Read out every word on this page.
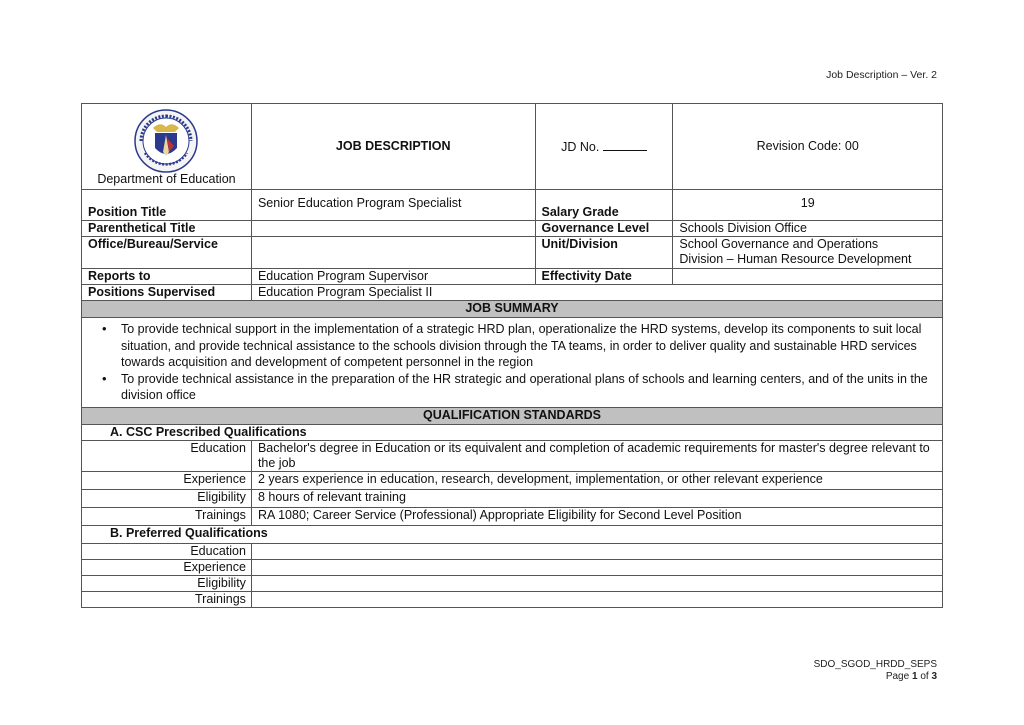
Job Description – Ver. 2
Department of Education	JOB DESCRIPTION	JD No.	Revision Code: 00
Position Title	Senior Education Program Specialist	Salary Grade	19
Parenthetical Title		Governance Level	Schools Division Office
Office/Bureau/Service		Unit/Division	School Governance and Operations
Division – Human Resource Development

Reports to	Education Program Supervisor	Effectivity Date	
Positions Supervised	Education Program Specialist II		
JOB SUMMARY			

• To provide technical support in the implementation of a strategic HRD plan, operationalize the HRD systems, develop its components to suit local situation, and provide technical assistance to the schools division through the TA teams, in order to deliver quality and sustainable HRD services towards acquisition and development of competent personnel in the region
• To provide technical assistance in the preparation of the HR strategic and operational plans of schools and learning centers, and of the units in the division office

QUALIFICATION STANDARDS			
A. CSC Prescribed Qualifications			
Education	Bachelor's degree in Education or its equivalent and completion of academic requirements for master's degree relevant to the job		
Experience	2 years experience in education, research, development, implementation, or other relevant experience		
Eligibility	8 hours of relevant training		
Trainings	RA 1080; Career Service (Professional) Appropriate Eligibility for Second Level Position		
B. Preferred Qualifications			
Education			
Experience			
Eligibility			
Trainings			
SDO_SGOD_HRDD_SEPS
Page 1 of 3
